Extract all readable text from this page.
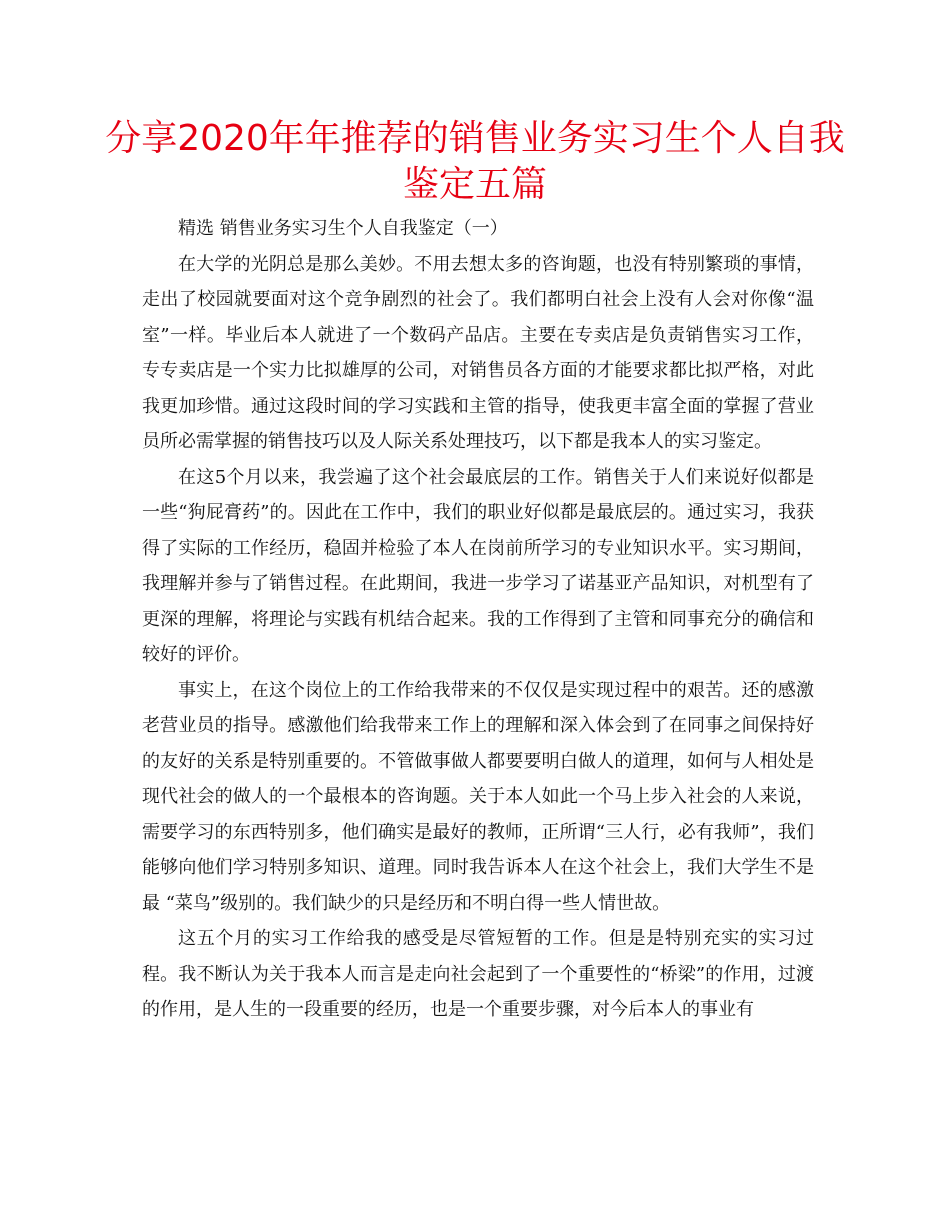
分享2020年年推荐的销售业务实习生个人自我鉴定五篇

精选 销售业务实习生个人自我鉴定（一）

在大学的光阴总是那么美妙。不用去想太多的咨询题，也没有特别繁琐的事情，走出了校园就要面对这个竞争剧烈的社会了。我们都明白社会上没有人会对你像“温室”一样。毕业后本人就进了一个数码产品店。主要在专卖店是负责销售实习工作，专专卖店是一个实力比拟雄厚的公司，对销售员各方面的才能要求都比拟严格，对此我更加珍惜。通过这段时间的学习实践和主管的指导，使我更丰富全面的掌握了营业员所必需掌握的销售技巧以及人际关系处理技巧，以下都是我本人的实习鉴定。

在这5个月以来，我尝遍了这个社会最底层的工作。销售关于人们来说好似都是一些“狗屁膏药”的。因此在工作中，我们的职业好似都是最底层的。通过实习，我获得了实际的工作经历，稳固并检验了本人在岗前所学习的专业知识水平。实习期间，我理解并参与了销售过程。在此期间，我进一步学习了诺基亚产品知识，对机型有了更深的理解，将理论与实践有机结合起来。我的工作得到了主管和同事充分的确信和较好的评价。

事实上，在这个岗位上的工作给我带来的不仅仅是实现过程中的艰苦。还的感激老营业员的指导。感激他们给我带来工作上的理解和深入体会到了在同事之间保持好的友好的关系是特别重要的。不管做事做人都要要明白做人的道理，如何与人相处是现代社会的做人的一个最根本的咨询题。关于本人如此一个马上步入社会的人来说，需要学习的东西特别多，他们确实是最好的教师，正所谓“三人行，必有我师”，我们能够向他们学习特别多知识、道理。同时我告诉本人在这个社会上，我们大学生不是最 “菜鸟”级别的。我们缺少的只是经历和不明白得一些人情世故。

这五个月的实习工作给我的感受是尽管短暂的工作。但是是特别充实的实习过程。我不断认为关于我本人而言是走向社会起到了一个重要性的“桥梁”的作用，过渡的作用，是人生的一段重要的经历，也是一个重要步骤，对今后本人的事业有
